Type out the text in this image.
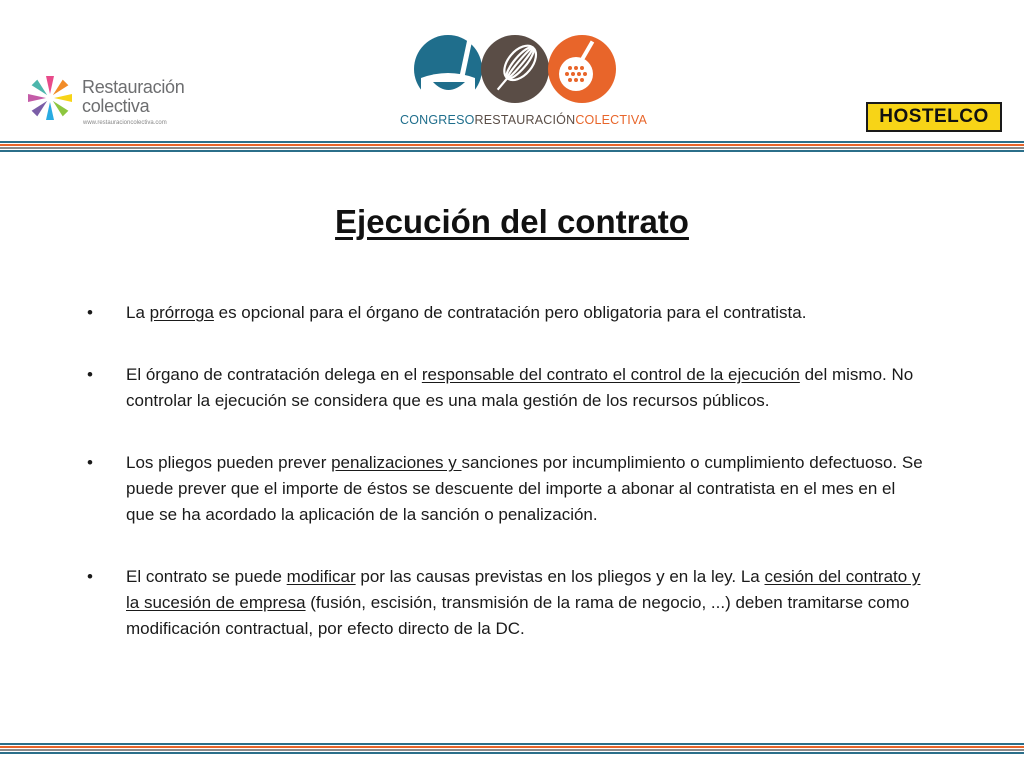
Restauración
colectiva
www.restauracioncolectiva.com	CONGRESORESTAURACIÓNCOLECTIVA	HOSTELCO
Ejecución del contrato
• La prórroga es opcional para el órgano de contratación pero obligatoria para el contratista.
• El órgano de contratación delega en el responsable del contrato el control de la ejecución del mismo. No controlar la ejecución se considera que es una mala gestión de los recursos públicos.
• Los pliegos pueden prever penalizaciones y sanciones por incumplimiento o cumplimiento defectuoso. Se puede prever que el importe de éstos se descuente del importe a abonar al contratista en el mes en el que se ha acordado la aplicación de la sanción o penalización.
• El contrato se puede modificar por las causas previstas en los pliegos y en la ley. La cesión del contrato y la sucesión de empresa (fusión, escisión, transmisión de la rama de negocio, ...) deben tramitarse como modificación contractual, por efecto directo de la DC.
